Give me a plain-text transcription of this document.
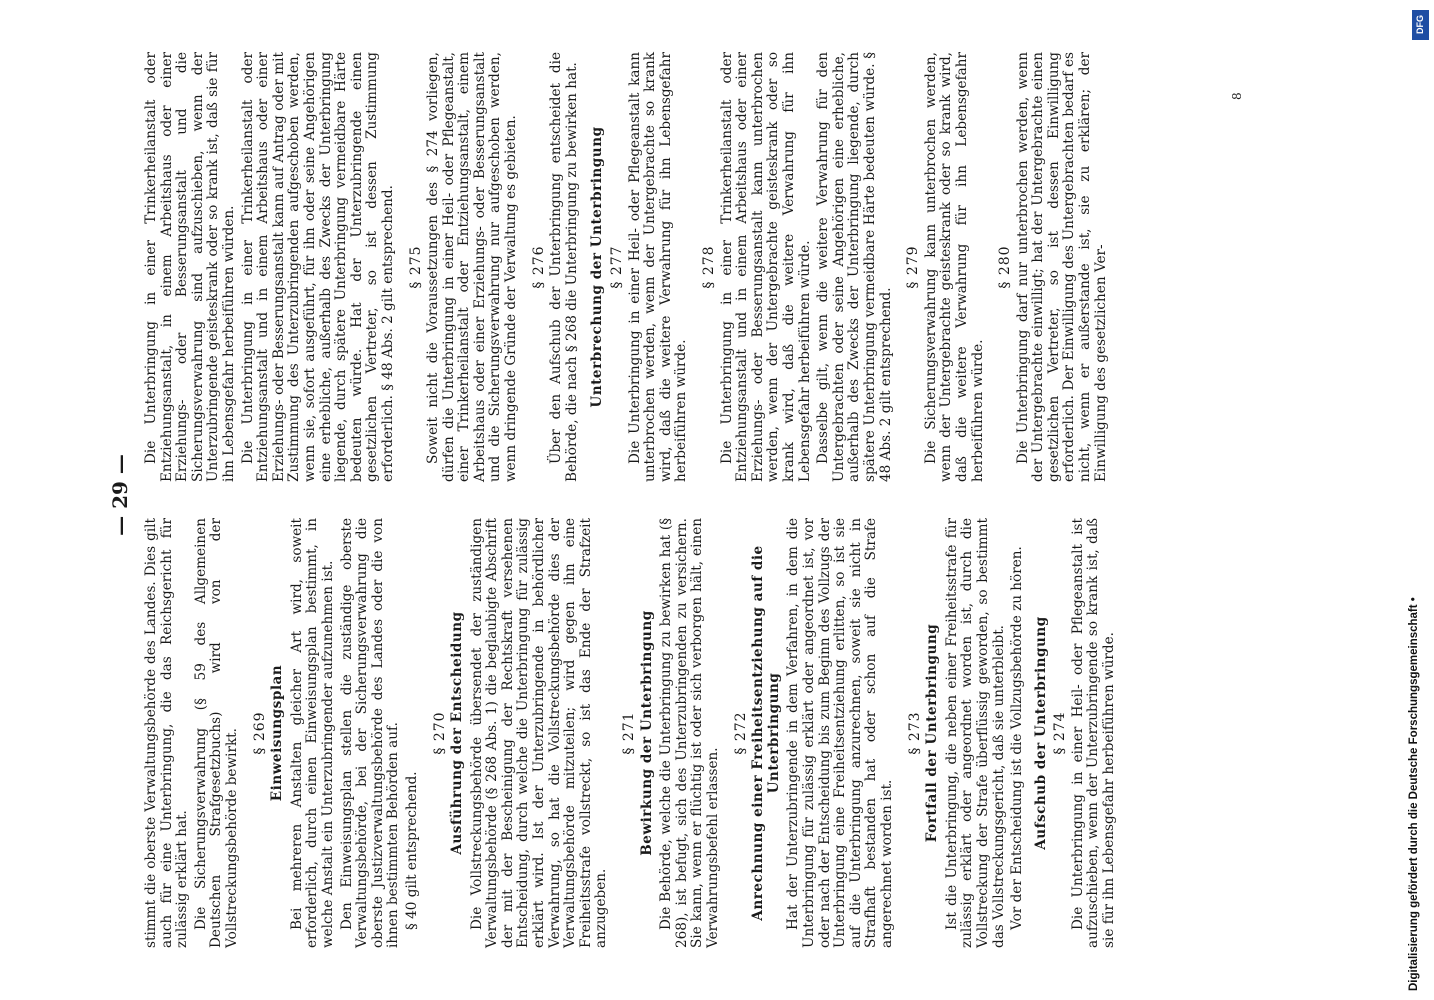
— 29 —

stimmt die oberste Verwaltungsbehörde des Landes. Dies gilt auch für eine Unterbringung, die das Reichsgericht für zulässig erklärt hat. Die Sicherungsverwahrung (§ 59 des Allgemeinen Deutschen Strafgesetzbuchs) wird von der Vollstreckungsbehörde bewirkt. § 269 Einweisungsplan Bei mehreren Anstalten gleicher Art wird, soweit erforderlich, durch einen Einweisungsplan bestimmt, in welche Anstalt ein Unterzubringender aufzunehmen ist. Den Einweisungsplan stellen die zuständige oberste Verwaltungsbehörde, bei der Sicherungsverwahrung die oberste Justizverwaltungsbehörde des Landes oder die von ihnen bestimmten Behörden auf. § 40 gilt entsprechend.

§ 270 Ausführung der Entscheidung Die Vollstreckungsbehörde übersendet der zuständigen Verwaltungsbehörde (§ 268 Abs. 1) die beglaubigte Abschrift der mit der Bescheinigung der Rechtskraft versehenen Entscheidung, durch welche die Unterbringung für zulässig erklärt wird. Ist der Unterzubringende in behördlicher Verwahrung, so hat die Vollstreckungsbehörde dies der Verwaltungsbehörde mitzuteilen; wird gegen ihn eine Freiheitsstrafe vollstreckt, so ist das Ende der Strafzeit anzugeben.

§ 271 Bewirkung der Unterbringung Die Behörde, welche die Unterbringung zu bewirken hat (§ 268), ist befugt, sich des Unterzubringenden zu versichern. Sie kann, wenn er flüchtig ist oder sich verborgen hält, einen Verwahrungsbefehl erlassen.

§ 272 Anrechnung einer Freiheitsentziehung auf die Unterbringung Hat der Unterzubringende in dem Verfahren, in dem die Unterbringung für zulässig erklärt oder angeordnet ist, vor oder nach der Entscheidung bis zum Beginn des Vollzugs der Unterbringung eine Freiheitsentziehung erlitten, so ist sie auf die Unterbringung anzurechnen, soweit sie nicht in Strafhaft bestanden hat oder schon auf die Strafe angerechnet worden ist.

§ 273 Fortfall der Unterbringung Ist die Unterbringung, die neben einer Freiheitsstrafe für zulässig erklärt oder angeordnet worden ist, durch die Vollstreckung der Strafe überflüssig geworden, so bestimmt das Vollstreckungsgericht, daß sie unterbleibt. Vor der Entscheidung ist die Vollzugsbehörde zu hören. Aufschub der Unterbringung § 274 Die Unterbringung in einer Heil- oder Pflegeanstalt ist aufzuschieben, wenn der Unterzubringende so krank ist, daß sie für ihn Lebensgefahr herbeiführen würde.

Die Unterbringung in einer Trinkerheilanstalt oder Entziehungsanstalt, in einem Arbeitshaus oder einer Erziehungs- oder Besserungsanstalt und die Sicherungsverwahrung sind aufzuschieben, wenn der Unterzubringende geisteskrank oder so krank ist, daß sie für ihn Lebensgefahr herbeiführen würden. Die Unterbringung in einer Trinkerheilanstalt oder Entziehungsanstalt und in einem Arbeitshaus oder einer Erziehungs- oder Besserungsanstalt kann auf Antrag oder mit Zustimmung des Unterzubringenden aufgeschoben werden, wenn sie, sofort ausgeführt, für ihn oder seine Angehörigen eine erhebliche, außerhalb des Zwecks der Unterbringung liegende, durch spätere Unterbringung vermeidbare Härte bedeuten würde. Hat der Unterzubringende einen gesetzlichen Vertreter, so ist dessen Zustimmung erforderlich. § 48 Abs. 2 gilt entsprechend. § 275 Soweit nicht die Voraussetzungen des § 274 vorliegen, dürfen die Unterbringung in einer Heil- oder Pflegeanstalt, einer Trinkerheilanstalt oder Entziehungsanstalt, einem Arbeitshaus oder einer Erziehungs- oder Besserungsanstalt und die Sicherungsverwahrung nur aufgeschoben werden, wenn dringende Gründe der Verwaltung es gebieten. § 276 Über den Aufschub der Unterbringung entscheidet die Behörde, die nach § 268 die Unterbringung zu bewirken hat. Unterbrechung der Unterbringung § 277 Die Unterbringung in einer Heil- oder Pflegeanstalt kann unterbrochen werden, wenn der Untergebrachte so krank wird, daß die weitere Verwahrung für ihn Lebensgefahr herbeiführen würde.

§ 278 Die Unterbringung in einer Trinkerheilanstalt oder Entziehungsanstalt und in einem Arbeitshaus oder einer Erziehungs- oder Besserungsanstalt kann unterbrochen werden, wenn der Untergebrachte geisteskrank oder so krank wird, daß die weitere Verwahrung für ihn Lebensgefahr herbeiführen würde. Dasselbe gilt, wenn die weitere Verwahrung für den Untergebrachten oder seine Angehörigen eine erhebliche, außerhalb des Zwecks der Unterbringung liegende, durch spätere Unterbringung vermeidbare Härte bedeuten würde. § 48 Abs. 2 gilt entsprechend.

§ 279 Die Sicherungsverwahrung kann unterbrochen werden, wenn der Untergebrachte geisteskrank oder so krank wird, daß die weitere Verwahrung für ihn Lebensgefahr herbeiführen würde.

§ 280 Die Unterbringung darf nur unterbrochen werden, wenn der Untergebrachte einwilligt; hat der Untergebrachte einen gesetzlichen Vertreter, so ist dessen Einwilligung erforderlich. Der Einwilligung des Untergebrachten bedarf es nicht, wenn er außerstande ist, sie zu erklären; der Einwilligung des gesetzlichen Ver-

8
DFG
Digitalisierung gefördert durch die Deutsche Forschungsgemeinschaft •
